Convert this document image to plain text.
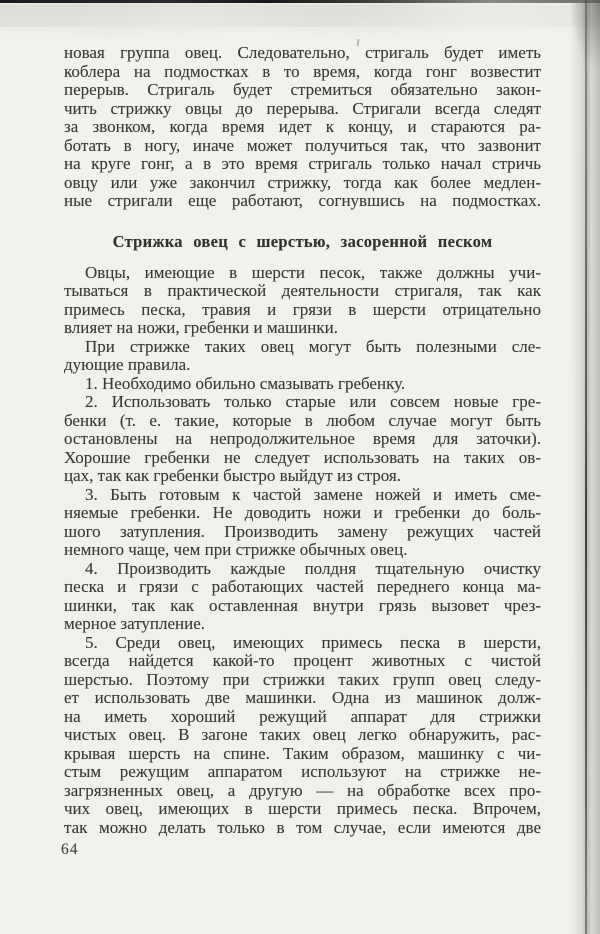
новая группа овец. Следовательно, стригаль будет иметь
коблера на подмостках в то время, когда гонг возвестит
перерыв. Стригаль будет стремиться обязательно закон-
чить стрижку овцы до перерыва. Стригали всегда следят
за звонком, когда время идет к концу, и стараются ра-
ботать в ногу, иначе может получиться так, что зазвонит
на круге гонг, а в это время стригаль только начал стричь
овцу или уже закончил стрижку, тогда как более медлен-
ные стригали еще работают, согнувшись на подмостках.
Стрижка овец с шерстью, засоренной песком
Овцы, имеющие в шерсти песок, также должны учи-
тываться в практической деятельности стригаля, так как
примесь песка, травия и грязи в шерсти отрицательно
влияет на ножи, гребенки и машинки.
При стрижке таких овец могут быть полезными сле-
дующие правила.
1. Необходимо обильно смазывать гребенку.
2. Использовать только старые или совсем новые гре-
бенки (т. е. такие, которые в любом случае могут быть
остановлены на непродолжительное время для заточки).
Хорошие гребенки не следует использовать на таких ов-
цах, так как гребенки быстро выйдут из строя.
3. Быть готовым к частой замене ножей и иметь сме-
няемые гребенки. Не доводить ножи и гребенки до боль-
шого затупления. Производить замену режущих частей
немного чаще, чем при стрижке обычных овец.
4. Производить каждые полдня тщательную очистку
песка и грязи с работающих частей переднего конца ма-
шинки, так как оставленная внутри грязь вызовет чрез-
мерное затупление.
5. Среди овец, имеющих примесь песка в шерсти,
всегда найдется какой-то процент животных с чистой
шерстью. Поэтому при стрижки таких групп овец следу-
ет использовать две машинки. Одна из машинок долж-
на иметь хороший режущий аппарат для стрижки
чистых овец. В загоне таких овец легко обнаружить, рас-
крывая шерсть на спине. Таким образом, машинку с чи-
стым режущим аппаратом используют на стрижке не-
загрязненных овец, а другую — на обработке всех про-
чих овец, имеющих в шерсти примесь песка. Впрочем,
так можно делать только в том случае, если имеются две
64
